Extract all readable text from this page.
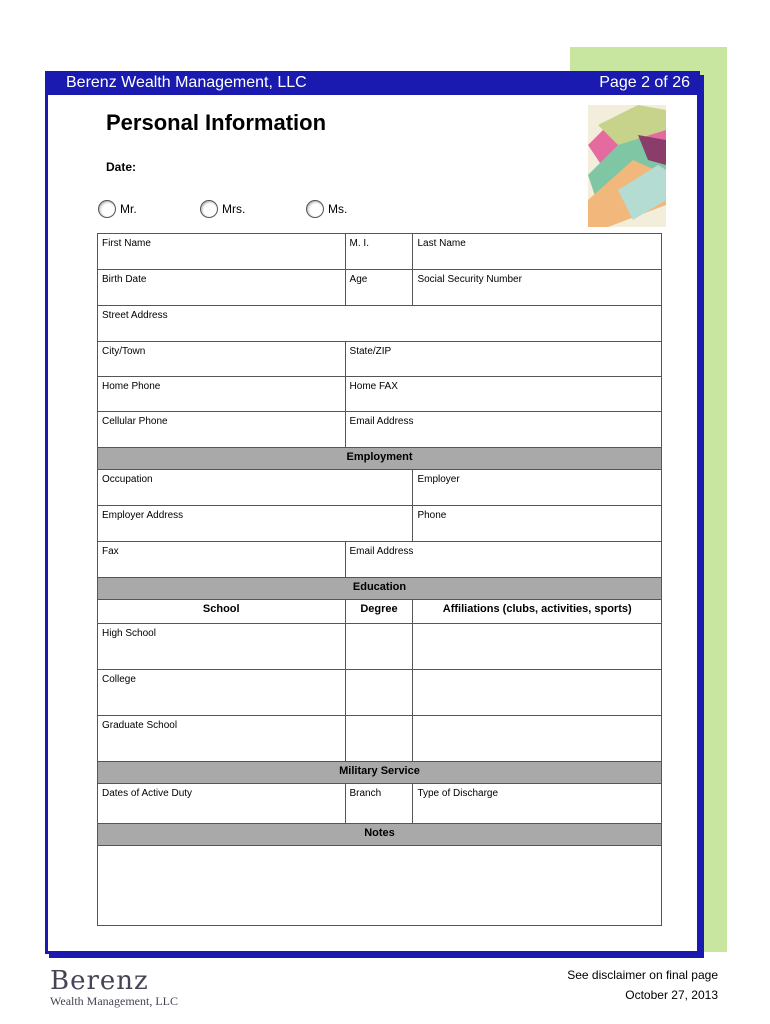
Berenz Wealth Management, LLC	Page 2 of 26
Personal Information
Date:
Mr.	Mrs.	Ms.
First Name	M. I.	Last Name
Birth Date	Age	Social Security Number
Street Address		
City/Town	State/ZIP	
Home Phone	Home FAX	
Cellular Phone	Email Address	
Employment		
Occupation		Employer
Employer Address		Phone
Fax	Email Address	
Education		
School	Degree	Affiliations (clubs, activities, sports)
High School		
College		
Graduate School		
Military Service		
Dates of Active Duty	Branch	Type of Discharge
Notes		

Berenz
Wealth Management, LLC
See disclaimer on final page
October 27, 2013
